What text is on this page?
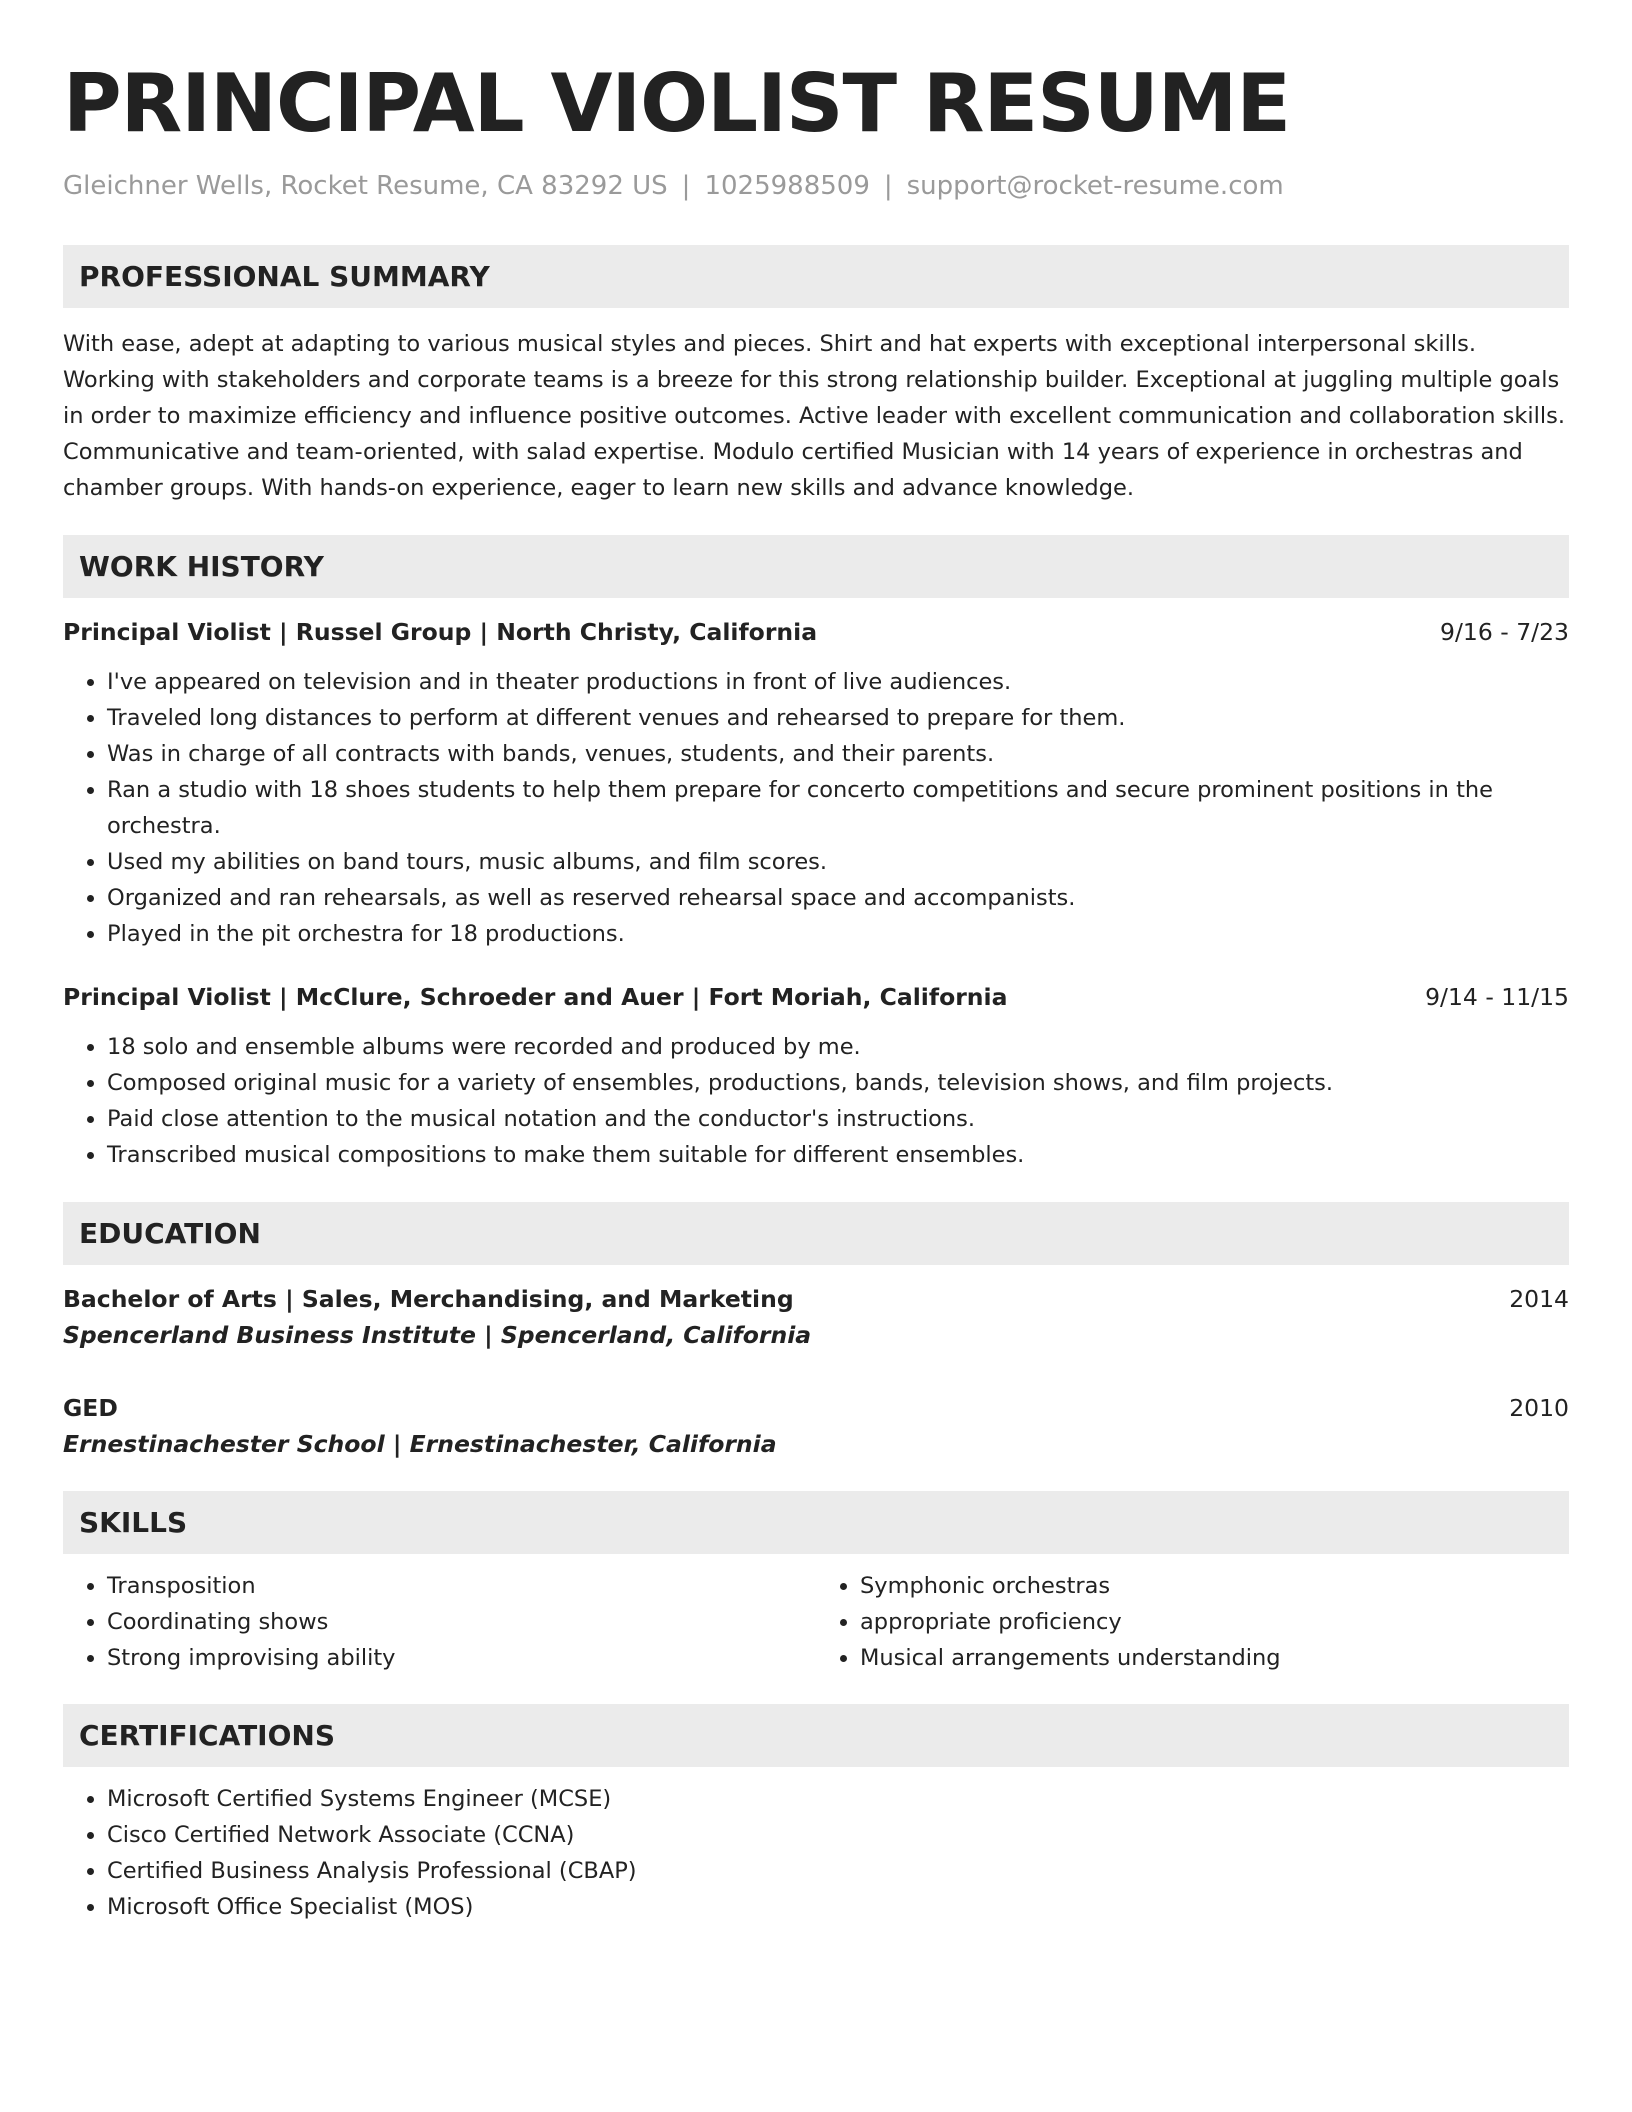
PRINCIPAL VIOLIST RESUME
Gleichner Wells, Rocket Resume, CA 83292 US | 1025988509 | support@rocket-resume.com
PROFESSIONAL SUMMARY

With ease, adept at adapting to various musical styles and pieces. Shirt and hat experts with exceptional interpersonal skills. Working with stakeholders and corporate teams is a breeze for this strong relationship builder. Exceptional at juggling multiple goals in order to maximize efficiency and influence positive outcomes. Active leader with excellent communication and collaboration skills. Communicative and team-oriented, with salad expertise. Modulo certified Musician with 14 years of experience in orchestras and chamber groups. With hands-on experience, eager to learn new skills and advance knowledge.

WORK HISTORY
Principal Violist | Russel Group | North Christy, California	9/16 - 7/23
• I've appeared on television and in theater productions in front of live audiences.
• Traveled long distances to perform at different venues and rehearsed to prepare for them.
• Was in charge of all contracts with bands, venues, students, and their parents.
• Ran a studio with 18 shoes students to help them prepare for concerto competitions and secure prominent positions in the orchestra.
• Used my abilities on band tours, music albums, and film scores.
• Organized and ran rehearsals, as well as reserved rehearsal space and accompanists.
• Played in the pit orchestra for 18 productions.
Principal Violist | McClure, Schroeder and Auer | Fort Moriah, California	9/14 - 11/15
• 18 solo and ensemble albums were recorded and produced by me.
• Composed original music for a variety of ensembles, productions, bands, television shows, and film projects.
• Paid close attention to the musical notation and the conductor's instructions.
• Transcribed musical compositions to make them suitable for different ensembles.
EDUCATION
Bachelor of Arts | Sales, Merchandising, and Marketing	2014
Spencerland Business Institute | Spencerland, California
GED	2010
Ernestinachester School | Ernestinachester, California
SKILLS
• Transposition
• Coordinating shows
• Strong improvising ability
• Symphonic orchestras
• appropriate proficiency
• Musical arrangements understanding
CERTIFICATIONS
• Microsoft Certified Systems Engineer (MCSE)
• Cisco Certified Network Associate (CCNA)
• Certified Business Analysis Professional (CBAP)
• Microsoft Office Specialist (MOS)
